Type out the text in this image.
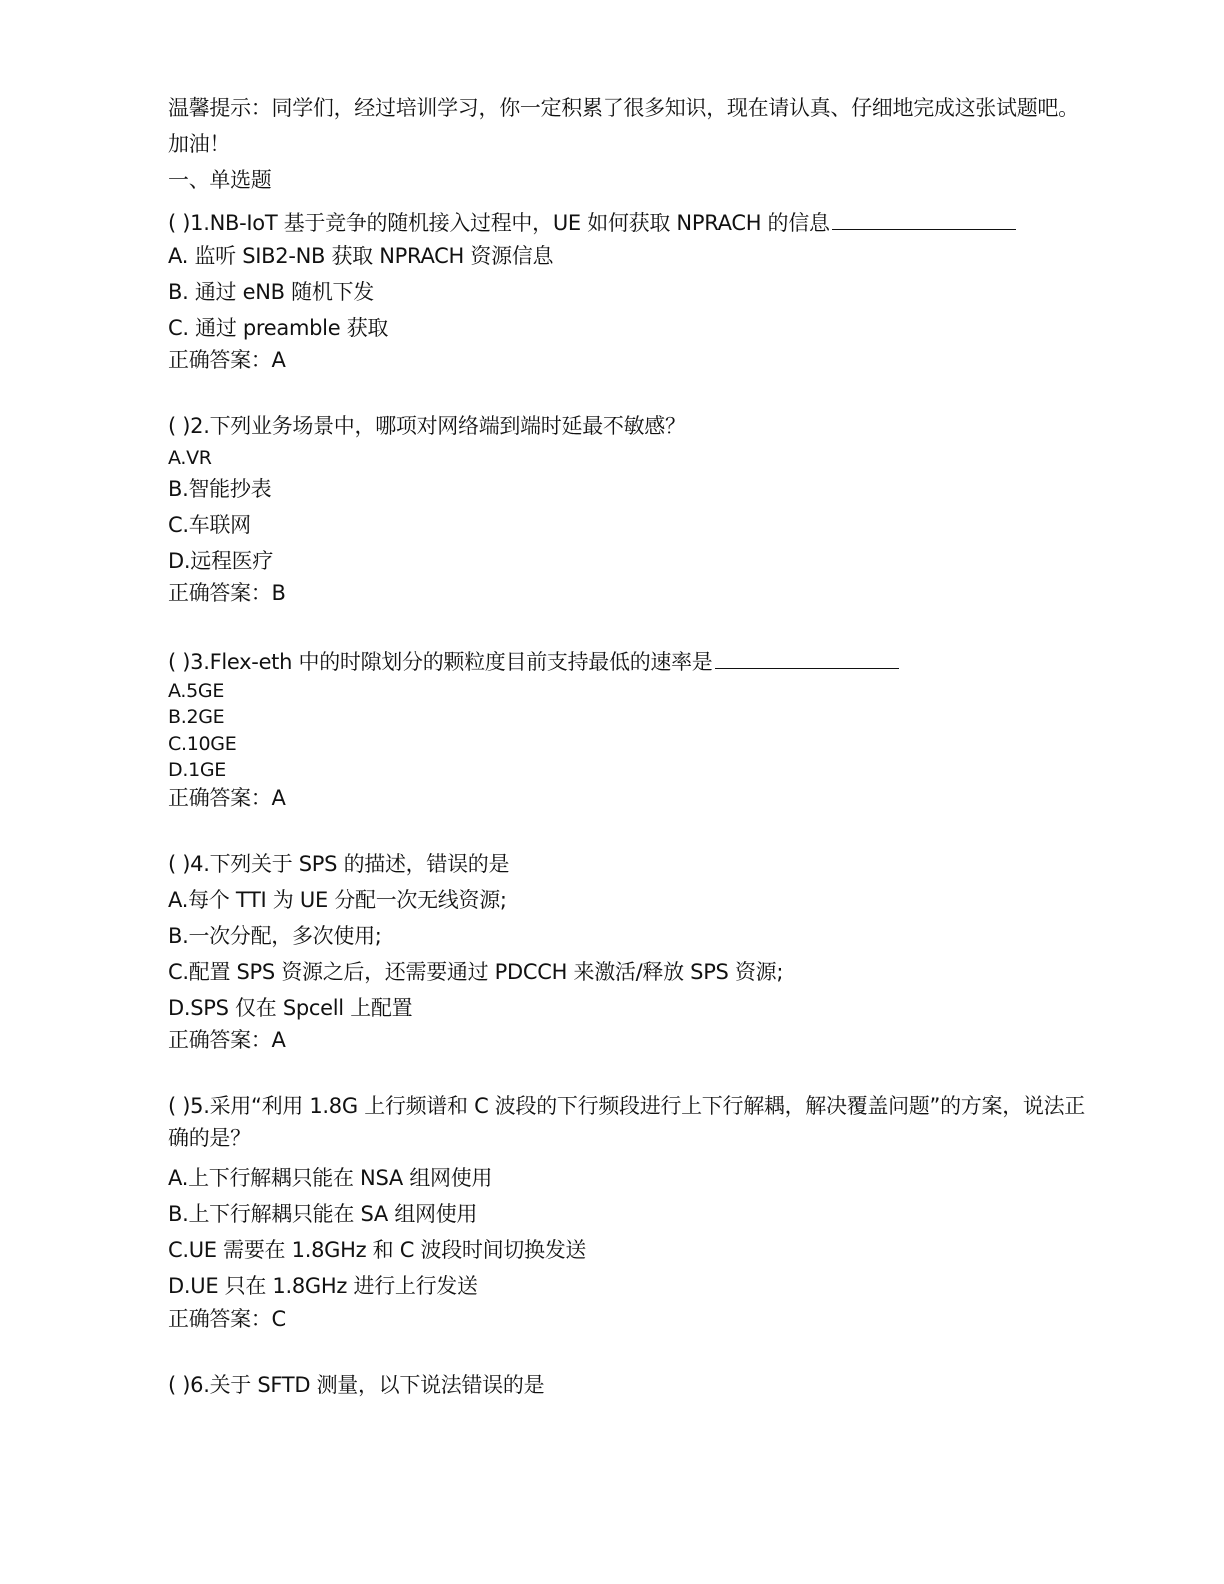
温馨提示：同学们，经过培训学习，你一定积累了很多知识，现在请认真、仔细地完成这张试题吧。
加油！
一、单选题
( )1.NB-IoT 基于竞争的随机接入过程中，UE 如何获取 NPRACH 的信息
A. 监听 SIB2-NB 获取 NPRACH 资源信息
B. 通过 eNB 随机下发
C. 通过 preamble 获取
正确答案：A
( )2.下列业务场景中，哪项对网络端到端时延最不敏感？
A.VR
B.智能抄表
C.车联网
D.远程医疗
正确答案：B
( )3.Flex-eth 中的时隙划分的颗粒度目前支持最低的速率是
A.5GE
B.2GE
C.10GE
D.1GE
正确答案：A
( )4.下列关于 SPS 的描述，错误的是
A.每个 TTI 为 UE 分配一次无线资源;
B.一次分配，多次使用;
C.配置 SPS 资源之后，还需要通过 PDCCH 来激活/释放 SPS 资源;
D.SPS 仅在 Spcell 上配置
正确答案：A
( )5.采用“利用 1.8G 上行频谱和 C 波段的下行频段进行上下行解耦，解决覆盖问题”的方案，说法正
确的是？
A.上下行解耦只能在 NSA 组网使用
B.上下行解耦只能在 SA 组网使用
C.UE 需要在 1.8GHz 和 C 波段时间切换发送
D.UE 只在 1.8GHz 进行上行发送
正确答案：C
( )6.关于 SFTD 测量，以下说法错误的是
